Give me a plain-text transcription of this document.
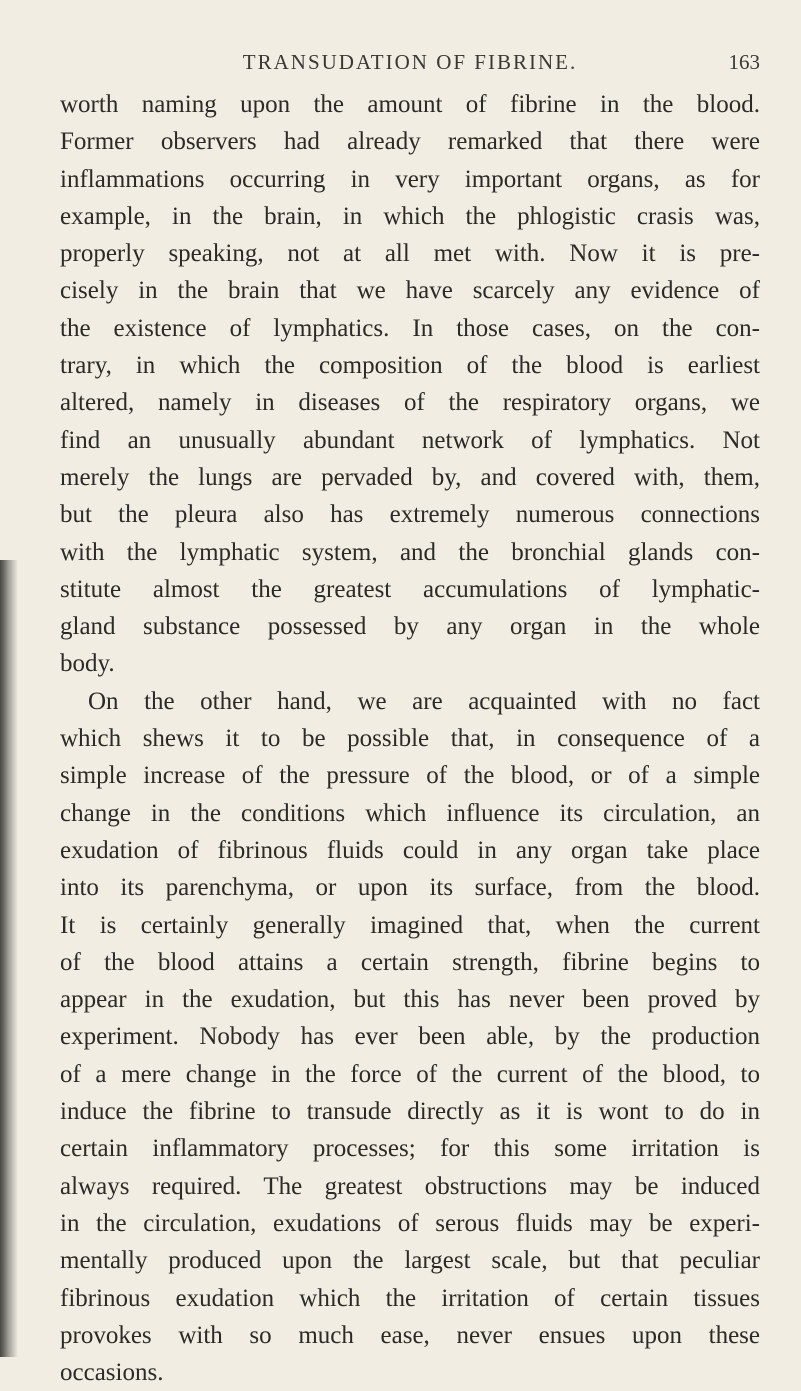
TRANSUDATION OF FIBRINE.	163
worth naming upon the amount of fibrine in the blood.
Former observers had already remarked that there were
inflammations occurring in very important organs, as for
example, in the brain, in which the phlogistic crasis was,
properly speaking, not at all met with. Now it is pre-
cisely in the brain that we have scarcely any evidence of
the existence of lymphatics. In those cases, on the con-
trary, in which the composition of the blood is earliest
altered, namely in diseases of the respiratory organs, we
find an unusually abundant network of lymphatics. Not
merely the lungs are pervaded by, and covered with, them,
but the pleura also has extremely numerous connections
with the lymphatic system, and the bronchial glands con-
stitute almost the greatest accumulations of lymphatic-
gland substance possessed by any organ in the whole
body.
On the other hand, we are acquainted with no fact
which shews it to be possible that, in consequence of a
simple increase of the pressure of the blood, or of a simple
change in the conditions which influence its circulation, an
exudation of fibrinous fluids could in any organ take place
into its parenchyma, or upon its surface, from the blood.
It is certainly generally imagined that, when the current
of the blood attains a certain strength, fibrine begins to
appear in the exudation, but this has never been proved by
experiment. Nobody has ever been able, by the production
of a mere change in the force of the current of the blood, to
induce the fibrine to transude directly as it is wont to do in
certain inflammatory processes; for this some irritation is
always required. The greatest obstructions may be induced
in the circulation, exudations of serous fluids may be experi-
mentally produced upon the largest scale, but that peculiar
fibrinous exudation which the irritation of certain tissues
provokes with so much ease, never ensues upon these
occasions.
